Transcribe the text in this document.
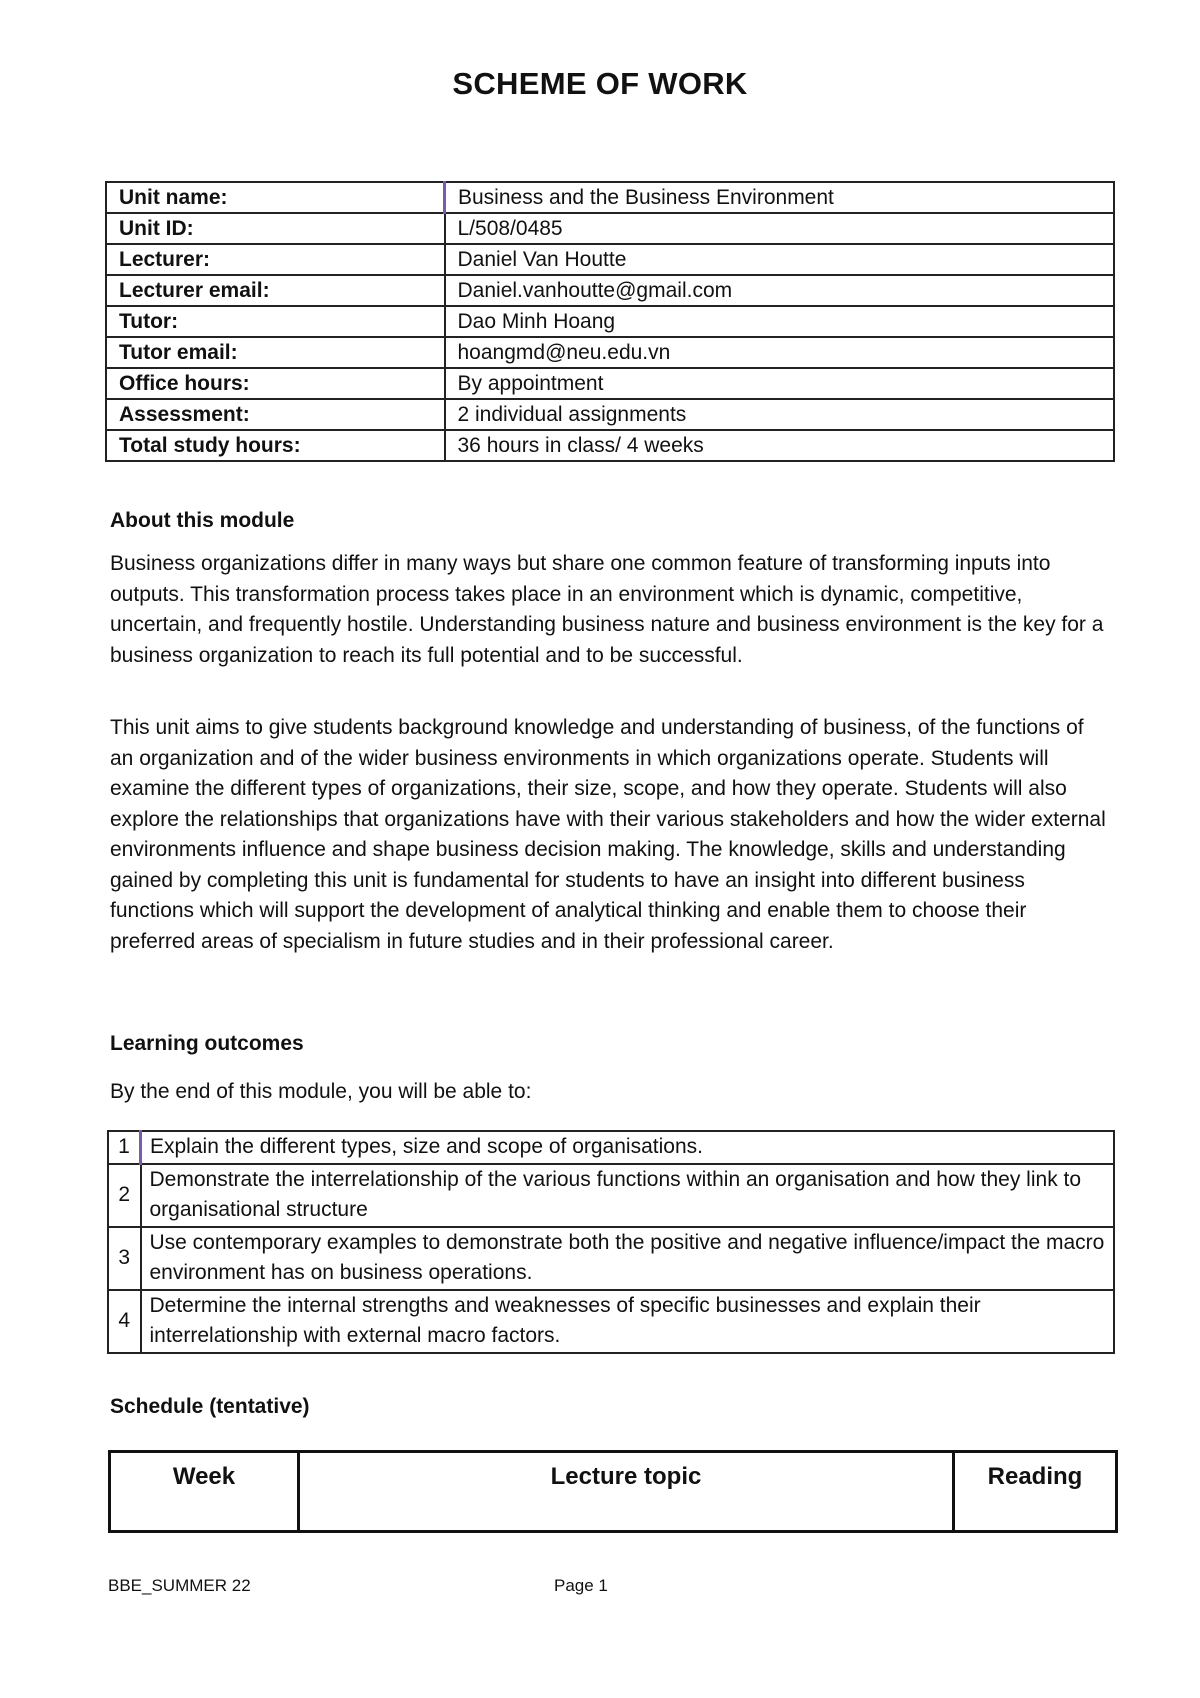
SCHEME OF WORK
Unit name:	Business and the Business Environment
Unit ID:	L/508/0485
Lecturer:	Daniel Van Houtte
Lecturer email:	Daniel.vanhoutte@gmail.com
Tutor:	Dao Minh Hoang
Tutor email:	hoangmd@neu.edu.vn
Office hours:	By appointment
Assessment:	2 individual assignments
Total study hours:	36 hours in class/ 4 weeks
About this module

Business organizations differ in many ways but share one common feature of transforming inputs into outputs. This transformation process takes place in an environment which is dynamic, competitive, uncertain, and frequently hostile. Understanding business nature and business environment is the key for a business organization to reach its full potential and to be successful.

This unit aims to give students background knowledge and understanding of business, of the functions of an organization and of the wider business environments in which organizations operate. Students will examine the different types of organizations, their size, scope, and how they operate. Students will also explore the relationships that organizations have with their various stakeholders and how the wider external environments influence and shape business decision making. The knowledge, skills and understanding gained by completing this unit is fundamental for students to have an insight into different business functions which will support the development of analytical thinking and enable them to choose their preferred areas of specialism in future studies and in their professional career.

Learning outcomes
By the end of this module, you will be able to:
1	Explain the different types, size and scope of organisations.
2	Demonstrate the interrelationship of the various functions within an organisation and how they link to organisational structure
3	Use contemporary examples to demonstrate both the positive and negative influence/impact the macro environment has on business operations.
4	Determine the internal strengths and weaknesses of specific businesses and explain their interrelationship with external macro factors.
Schedule (tentative)
Week	Lecture topic	Reading
BBE_SUMMER 22	Page 1
